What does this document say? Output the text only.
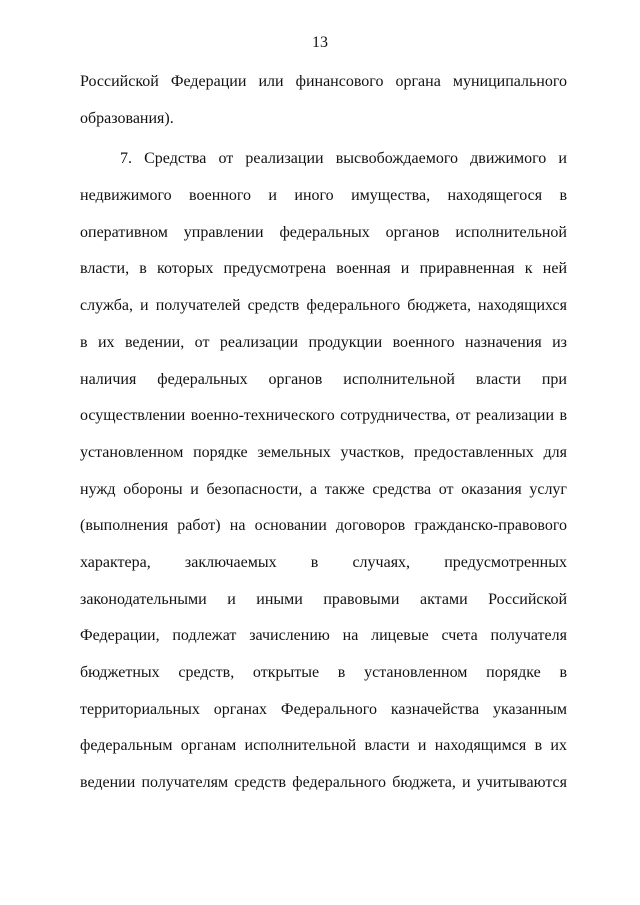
13
Российской Федерации или финансового органа муниципального
образования).
7. Средства от реализации высвобождаемого движимого и
недвижимого военного и иного имущества, находящегося в
оперативном управлении федеральных органов исполнительной
власти, в которых предусмотрена военная и приравненная к ней
служба, и получателей средств федерального бюджета, находящихся
в их ведении, от реализации продукции военного назначения из
наличия федеральных органов исполнительной власти при
осуществлении военно-технического сотрудничества, от реализации в
установленном порядке земельных участков, предоставленных для
нужд обороны и безопасности, а также средства от оказания услуг
(выполнения работ) на основании договоров гражданско-правового
характера, заключаемых в случаях, предусмотренных
законодательными и иными правовыми актами Российской
Федерации, подлежат зачислению на лицевые счета получателя
бюджетных средств, открытые в установленном порядке в
территориальных органах Федерального казначейства указанным
федеральным органам исполнительной власти и находящимся в их
ведении получателям средств федерального бюджета, и учитываются
